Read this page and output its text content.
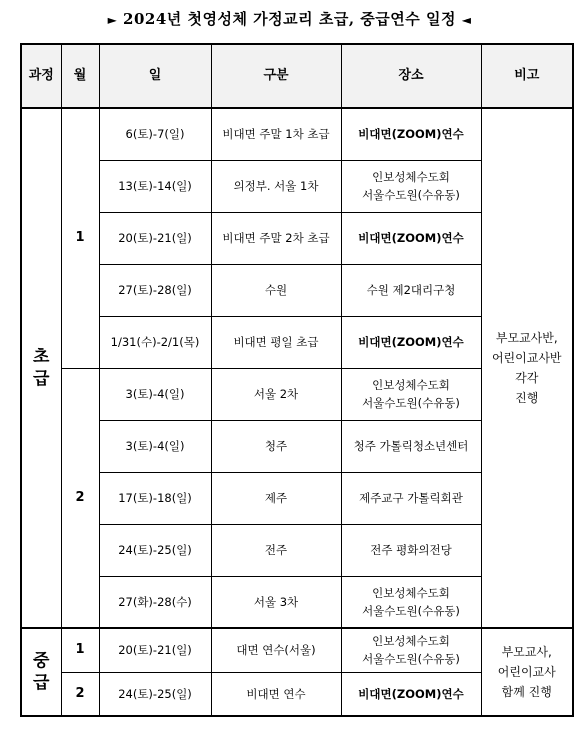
► 2024년 첫영성체 가정교리 초급, 중급연수 일정 ◄
과정	월	일	구분	장소	비고
초
급	1	6(토)-7(일)	비대면 주말 1차 초급	비대면(ZOOM)연수	부모교사반,
어린이교사반
각각
진행
		13(토)-14(일)	의정부. 서울 1차	인보성체수도회
서울수도원(수유동)	
		20(토)-21(일)	비대면 주말 2차 초급	비대면(ZOOM)연수	
		27(토)-28(일)	수원	수원 제2대리구청	
		1/31(수)-2/1(목)	비대면 평일 초급	비대면(ZOOM)연수	
	2	3(토)-4(일)	서울 2차	인보성체수도회
서울수도원(수유동)	
		3(토)-4(일)	청주	청주 가톨릭청소년센터	
		17(토)-18(일)	제주	제주교구 가톨릭회관	
		24(토)-25(일)	전주	전주 평화의전당	
		27(화)-28(수)	서울 3차	인보성체수도회
서울수도원(수유동)	
중
급	1	20(토)-21(일)	대면 연수(서울)	인보성체수도회
서울수도원(수유동)	부모교사,
어린이교사
함께 진행
	2	24(토)-25(일)	비대면 연수	비대면(ZOOM)연수	
